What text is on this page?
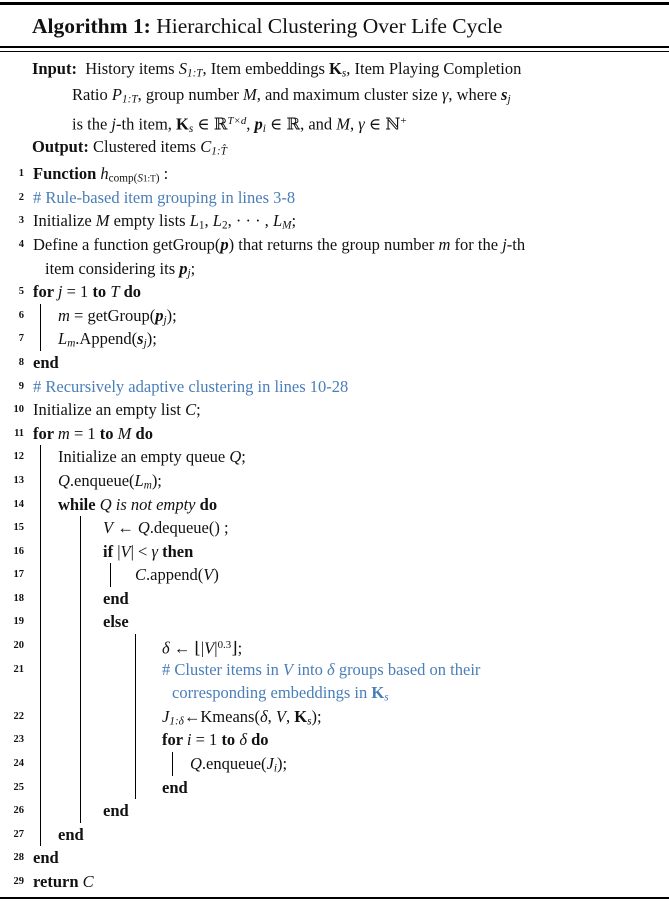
Algorithm 1: Hierarchical Clustering Over Life Cycle
Input:  History items $S_{1:T}$, Item embeddings $K_s$, Item Playing Completion
Ratio $P_{1:T}$, group number M, and maximum cluster size γ, where $s_j$
is the j-th item, $K_s$ ∈ ℝ$^{T\times d}$, $p_i$ ∈ ℝ, and M, γ ∈ ℕ+
Output: Clustered items $C_{1:T̂}$
1 Function $h_{comp(S}1:T_)$ :
2 # Rule-based item grouping in lines 3-8
3 Initialize M empty lists $L_1$, $L_2$, · · · , $L_M$;
4 Define a function getGroup(p) that returns the group number m for the j-th
item considering its $p_j$;
5 for j = 1 to T do
6 $m = getGroup(p_j)$;
7 $L_m.Append(s_j)$;
8 end
9 # Recursively adaptive clustering in lines 10-28
10 Initialize an empty list C;
11 for m = 1 to M do
12 Initialize an empty queue Q;
13 $Q.enqueue(L_m)$;
14 while Q is not empty do
15	V ← Q.dequeue() ;
16	if |V| < γ then
17	C.append(V)
18	end
19	else
20	δ ← $⌊|V|^{0.3}⌋$;
21	# Cluster items in V into δ groups based on their
corresponding embeddings in $K_s$
22	$J_{1:\delta}\leftarrow Kmeans(\delta$, V, $K_s$);
23	for i = 1 to δ do
24	$Q.enqueue(J_i)$;
25	end
26	end
27 end
28 end
29 return C
